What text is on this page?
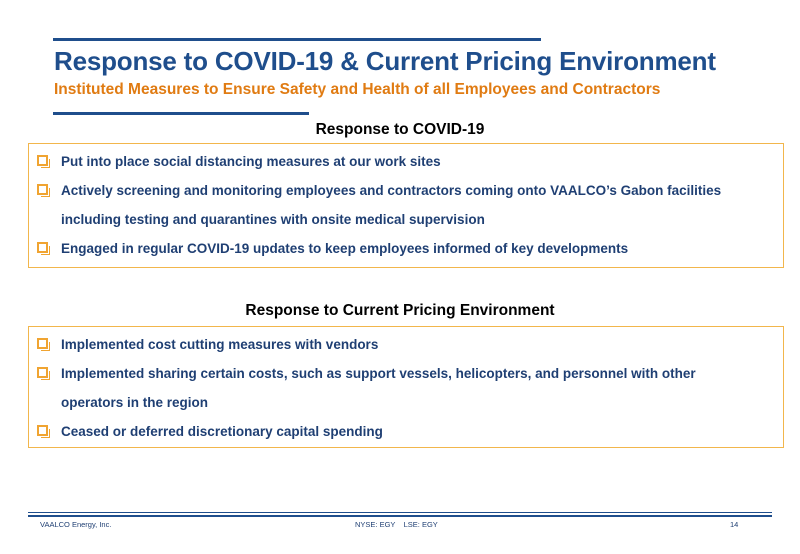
Response to COVID-19 & Current Pricing Environment
Instituted Measures to Ensure Safety and Health of all Employees and Contractors
Response to COVID-19
Put into place social distancing measures at our work sites
Actively screening and monitoring employees and contractors coming onto VAALCO’s Gabon facilities
including testing and quarantines with onsite medical supervision
Engaged in regular COVID-19 updates to keep employees informed of key developments
Response to Current Pricing Environment
Implemented cost cutting measures with vendors
Implemented sharing certain costs, such as support vessels, helicopters, and personnel with other
operators in the region
Ceased or deferred discretionary capital spending
VAALCO Energy, Inc.	NYSE: EGY    LSE: EGY	14
